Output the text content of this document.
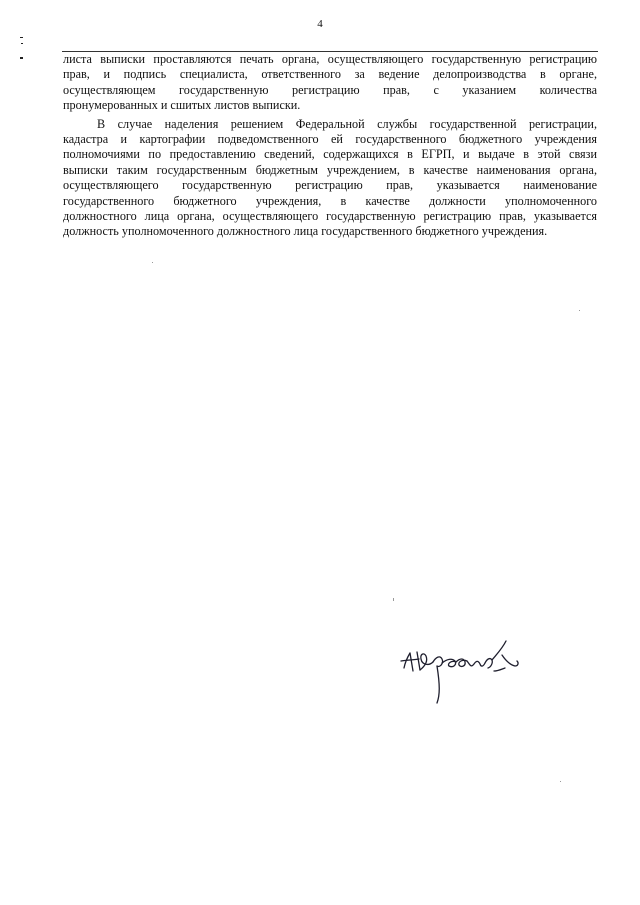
4
листа выписки проставляются печать органа, осуществляющего государственную регистрацию
прав, и подпись специалиста, ответственного за ведение делопроизводства в органе,
осуществляющем государственную регистрацию прав, с указанием количества
пронумерованных и сшитых листов выписки.
В случае наделения решением Федеральной службы государственной регистрации,
кадастра и картографии подведомственного ей государственного бюджетного учреждения
полномочиями по предоставлению сведений, содержащихся в ЕГРП, и выдаче в этой связи
выписки таким государственным бюджетным учреждением, в качестве наименования органа,
осуществляющего государственную регистрацию прав, указывается наименование
государственного бюджетного учреждения, в качестве должности уполномоченного
должностного лица органа, осуществляющего государственную регистрацию прав, указывается
должность уполномоченного должностного лица государственного бюджетного учреждения.
